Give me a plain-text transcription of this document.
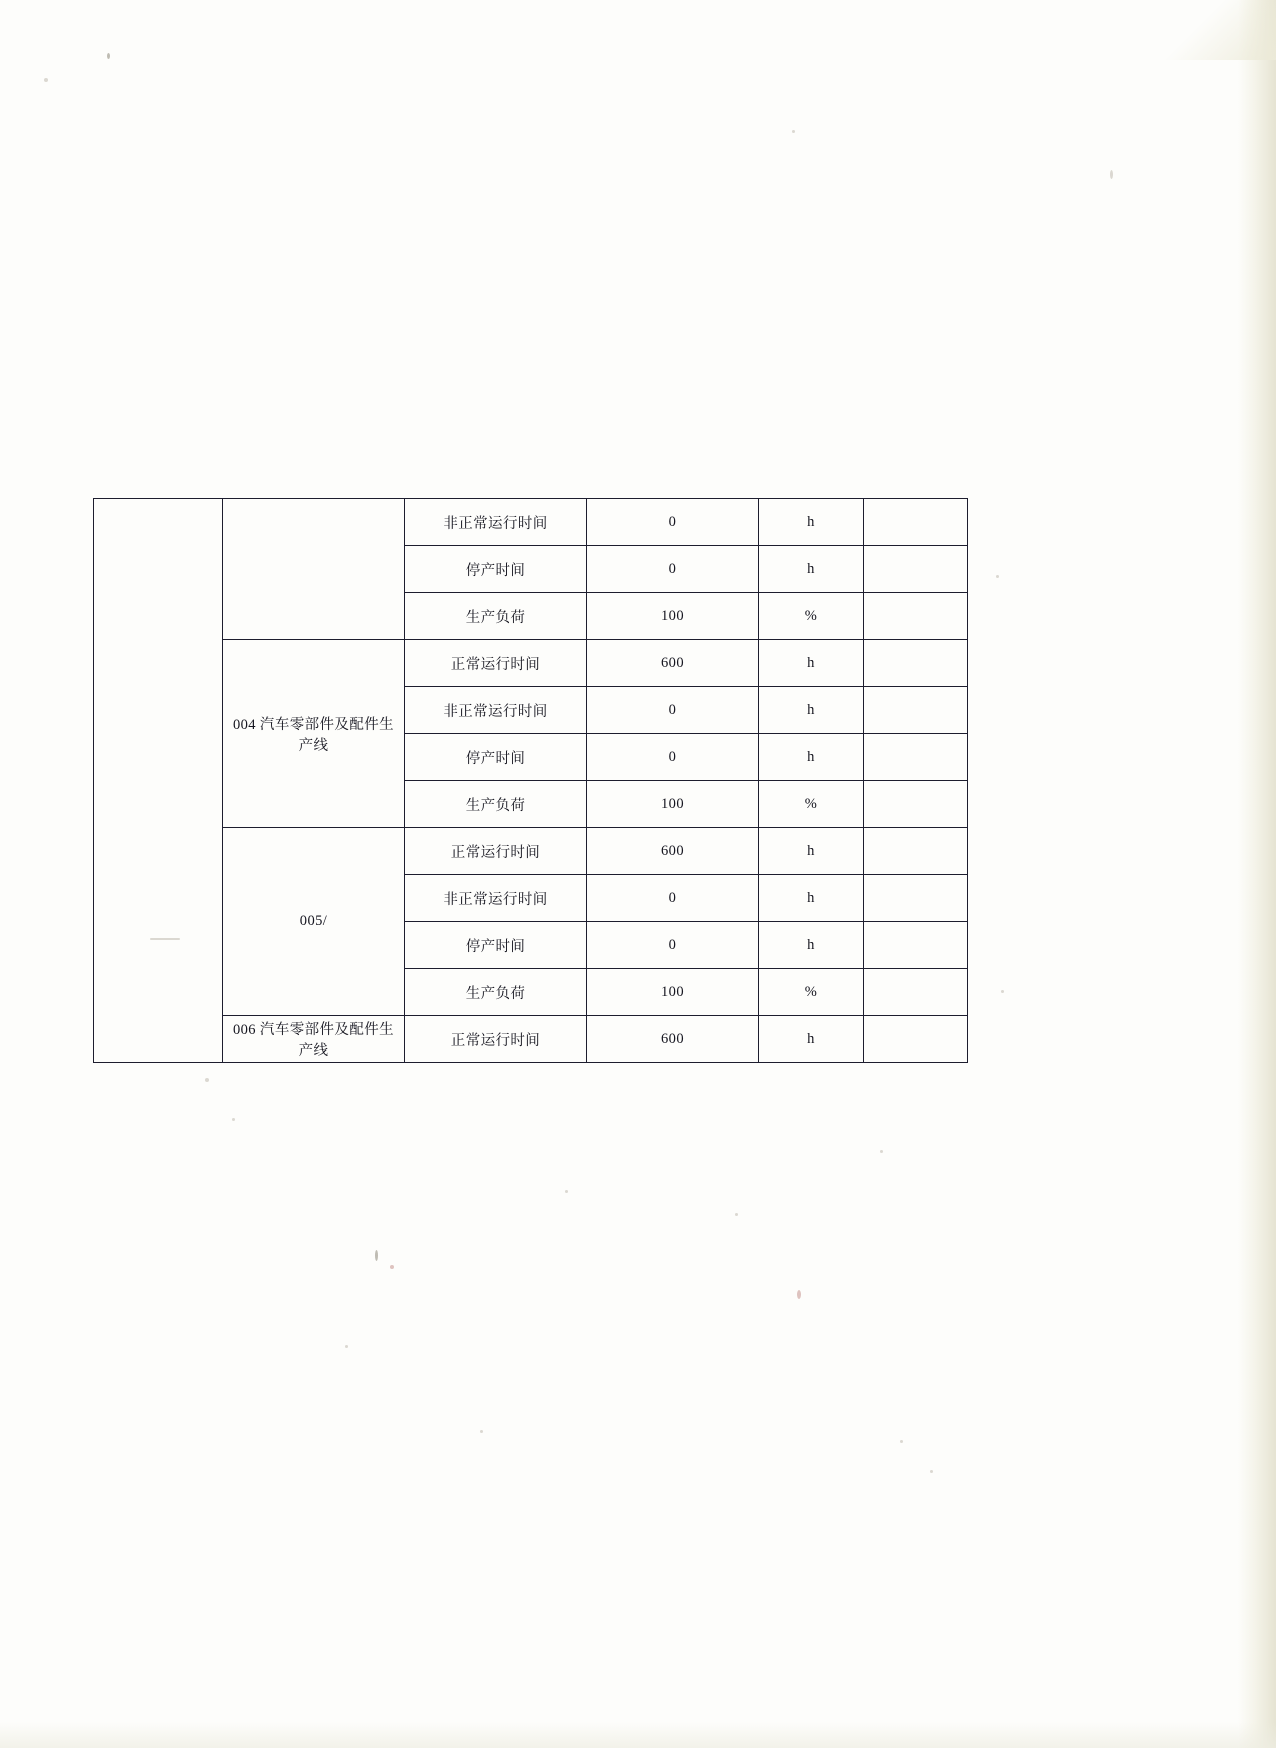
		非正常运行时间	0	h	
		停产时间	0	h	
		生产负荷	100	%	
	004 汽车零部件及配件生产线	正常运行时间	600	h	
		非正常运行时间	0	h	
		停产时间	0	h	
		生产负荷	100	%	
	005/	正常运行时间	600	h	
		非正常运行时间	0	h	
		停产时间	0	h	
		生产负荷	100	%	
	006 汽车零部件及配件生产线	正常运行时间	600	h	
